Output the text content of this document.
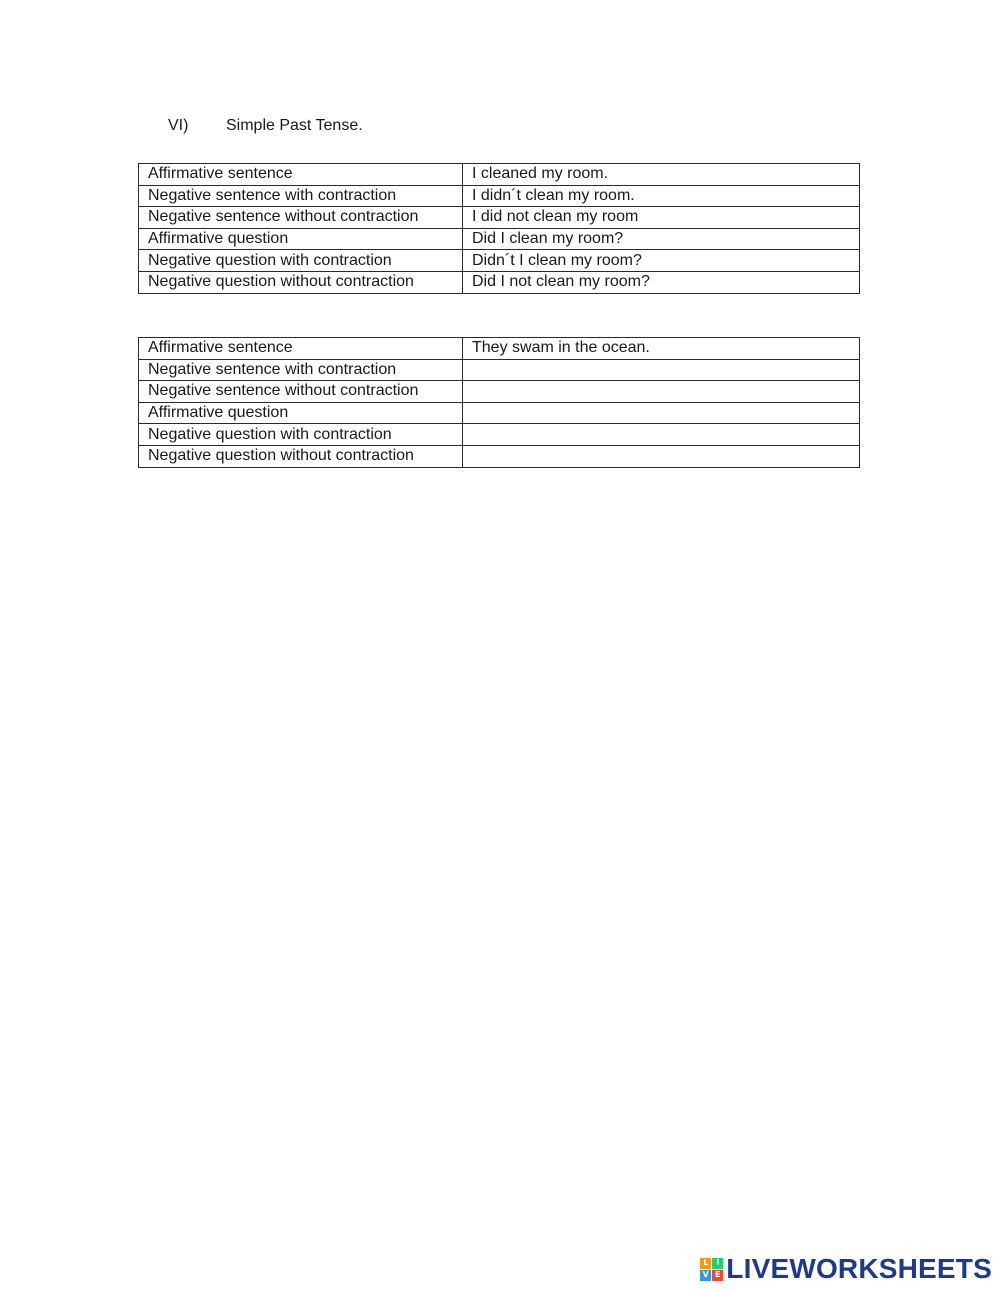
VI) Simple Past Tense.
Affirmative sentence	I cleaned my room.
Negative sentence with contraction	I didn´t clean my room.
Negative sentence without contraction	I did not clean my room
Affirmative question	Did I clean my room?
Negative question with contraction	Didn´t I clean my room?
Negative question without contraction	Did I not clean my room?
Affirmative sentence	They swam in the ocean.
Negative sentence with contraction	

Negative sentence without contraction	

Affirmative question	

Negative question with contraction	

Negative question without contraction	
L I
V E LIVEWORKSHEETS
